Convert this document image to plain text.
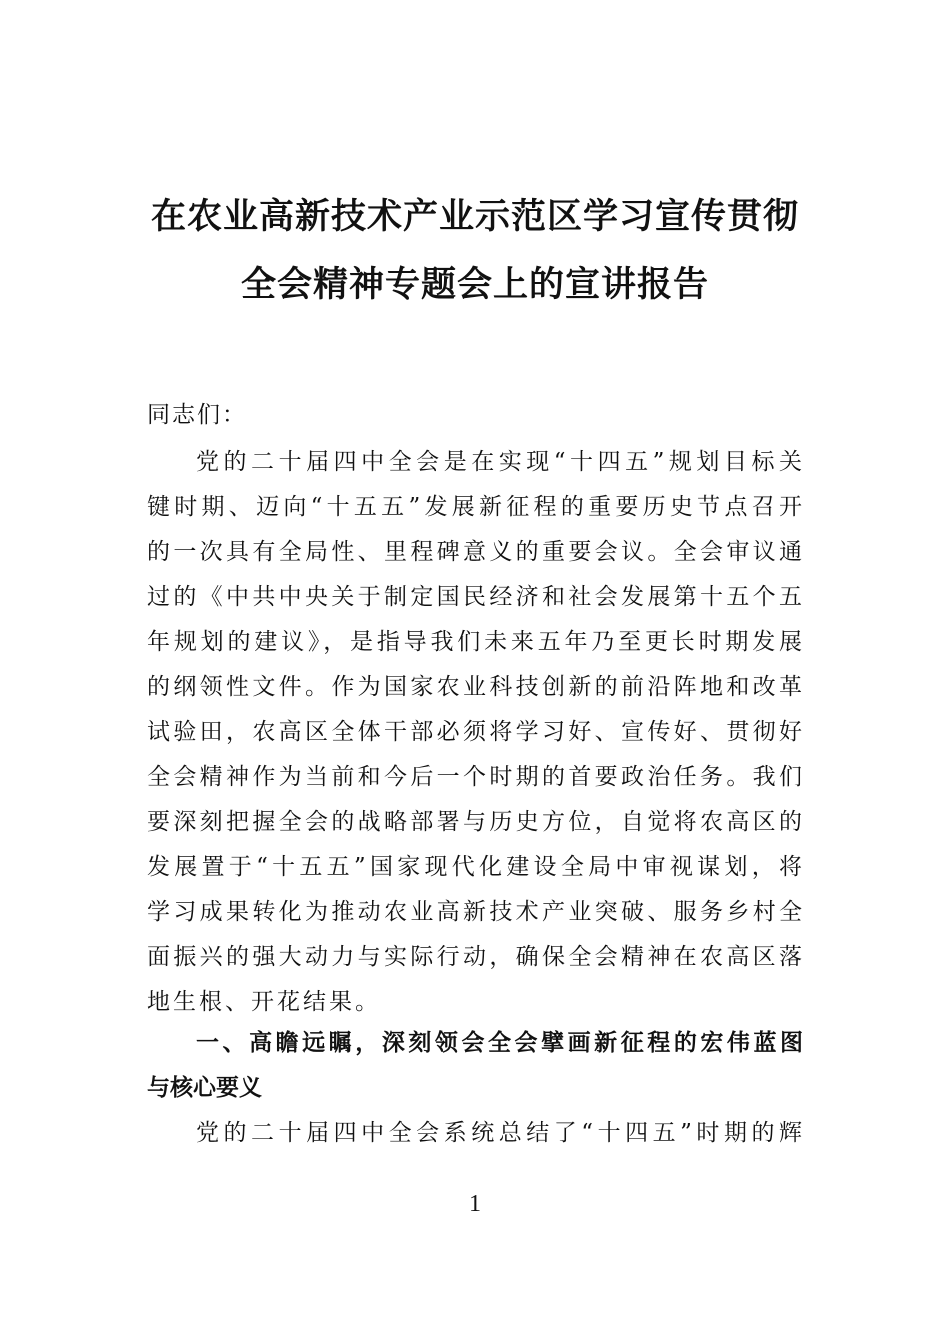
在农业高新技术产业示范区学习宣传贯彻
全会精神专题会上的宣讲报告
同志们：
党的二十届四中全会是在实现“十四五”规划目标关
键时期、迈向“十五五”发展新征程的重要历史节点召开
的一次具有全局性、里程碑意义的重要会议。全会审议通
过的《中共中央关于制定国民经济和社会发展第十五个五
年规划的建议》，是指导我们未来五年乃至更长时期发展
的纲领性文件。作为国家农业科技创新的前沿阵地和改革
试验田，农高区全体干部必须将学习好、宣传好、贯彻好
全会精神作为当前和今后一个时期的首要政治任务。我们
要深刻把握全会的战略部署与历史方位，自觉将农高区的
发展置于“十五五”国家现代化建设全局中审视谋划，将
学习成果转化为推动农业高新技术产业突破、服务乡村全
面振兴的强大动力与实际行动，确保全会精神在农高区落
地生根、开花结果。
一、高瞻远瞩，深刻领会全会擘画新征程的宏伟蓝图
与核心要义
党的二十届四中全会系统总结了“十四五”时期的辉
1
